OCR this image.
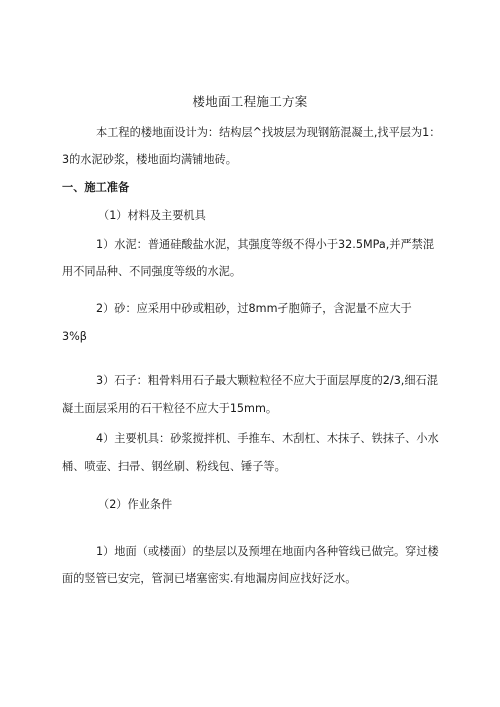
楼地面工程施工方案
本工程的楼地面设计为：结构层^找坡层为现钢筋混凝土,找平层为1：
3的水泥砂浆，楼地面均满铺地砖。
一、施工准备
（1）材料及主要机具
1）水泥：普通硅酸盐水泥，其强度等级不得小于32.5MPa,并严禁混
用不同品种、不同强度等级的水泥。
2）砂：应采用中砂或粗砂，过8mm孑胞筛子，含泥量不应大于
3%β
3）石子：粗骨料用石子最大颗粒粒径不应大于面层厚度的2/3,细石混
凝土面层采用的石干粒径不应大于15mm。
4）主要机具：砂浆搅拌机、手推车、木刮杠、木抹子、铁抹子、小水
桶、喷壶、扫帚、钢丝刷、粉线包、锤子等。
（2）作业条件
1）地面（或楼面）的垫层以及预埋在地面内各种管线已做完。穿过楼
面的竖管已安完，管洞已堵塞密实.有地漏房间应找好泛水。
